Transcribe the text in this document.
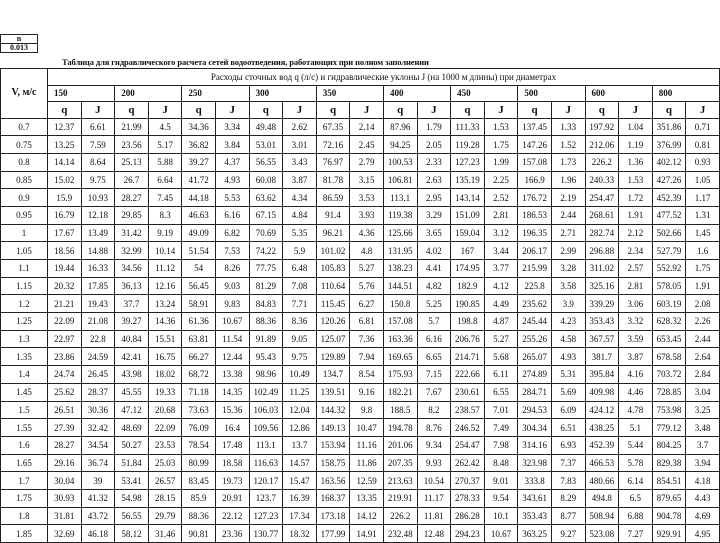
n
0.013
Таблица для гидравлического расчета сетей водоотведения, работающих при полном заполнении
V, м/с	Расходы сточных вод q (л/с) и гидравлические уклоны J (на 1000 м длины) при диаметрах																			
	150		200		250		300		350		400		450		500		600		800	
	q	J	q	J	q	J	q	J	q	J	q	J	q	J	q	J	q	J	q	J
0.7	12.37	6.61	21.99	4.5	34.36	3.34	49.48	2.62	67.35	2.14	87.96	1.79	111.33	1.53	137.45	1.33	197.92	1.04	351.86	0.71
0.75	13.25	7.59	23.56	5.17	36.82	3.84	53.01	3.01	72.16	2.45	94.25	2.05	119.28	1.75	147.26	1.52	212.06	1.19	376.99	0.81
0.8	14.14	8.64	25.13	5.88	39.27	4.37	56.55	3.43	76.97	2.79	100.53	2.33	127.23	1.99	157.08	1.73	226.2	1.36	402.12	0.93
0.85	15.02	9.75	26.7	6.64	41.72	4.93	60.08	3.87	81.78	3.15	106.81	2.63	135.19	2.25	166.9	1.96	240.33	1.53	427.26	1.05
0.9	15.9	10.93	28.27	7.45	44.18	5.53	63.62	4.34	86.59	3.53	113.1	2.95	143.14	2.52	176.72	2.19	254.47	1.72	452.39	1.17
0.95	16.79	12.18	29.85	8.3	46.63	6.16	67.15	4.84	91.4	3.93	119.38	3.29	151.09	2.81	186.53	2.44	268.61	1.91	477.52	1.31
1	17.67	13.49	31.42	9.19	49.09	6.82	70.69	5.35	96.21	4.36	125.66	3.65	159.04	3.12	196.35	2.71	282.74	2.12	502.66	1.45
1.05	18.56	14.88	32.99	10.14	51.54	7.53	74.22	5.9	101.02	4.8	131.95	4.02	167	3.44	206.17	2.99	296.88	2.34	527.79	1.6
1.1	19.44	16.33	34.56	11.12	54	8.26	77.75	6.48	105.83	5.27	138.23	4.41	174.95	3.77	215.99	3.28	311.02	2.57	552.92	1.75
1.15	20.32	17.85	36.13	12.16	56.45	9.03	81.29	7.08	110.64	5.76	144.51	4.82	182.9	4.12	225.8	3.58	325.16	2.81	578.05	1.91
1.2	21.21	19.43	37.7	13.24	58.91	9.83	84.83	7.71	115.45	6.27	150.8	5.25	190.85	4.49	235.62	3.9	339.29	3.06	603.19	2.08
1.25	22.09	21.08	39.27	14.36	61.36	10.67	88.36	8.36	120.26	6.81	157.08	5.7	198.8	4.87	245.44	4.23	353.43	3.32	628.32	2.26
1.3	22.97	22.8	40.84	15.51	63.81	11.54	91.89	9.05	125.07	7.36	163.36	6.16	206.76	5.27	255.26	4.58	367.57	3.59	653.45	2.44
1.35	23.86	24.59	42.41	16.75	66.27	12.44	95.43	9.75	129.89	7.94	169.65	6.65	214.71	5.68	265.07	4.93	381.7	3.87	678.58	2.64
1.4	24.74	26.45	43.98	18.02	68.72	13.38	98.96	10.49	134.7	8.54	175.93	7.15	222.66	6.11	274.89	5.31	395.84	4.16	703.72	2.84
1.45	25.62	28.37	45.55	19.33	71.18	14.35	102.49	11.25	139.51	9.16	182.21	7.67	230.61	6.55	284.71	5.69	409.98	4.46	728.85	3.04
1.5	26.51	30.36	47.12	20.68	73.63	15.36	106.03	12.04	144.32	9.8	188.5	8.2	238.57	7.01	294.53	6.09	424.12	4.78	753.98	3.25
1.55	27.39	32.42	48.69	22.09	76.09	16.4	109.56	12.86	149.13	10.47	194.78	8.76	246.52	7.49	304.34	6.51	438.25	5.1	779.12	3.48
1.6	28.27	34.54	50.27	23.53	78.54	17.48	113.1	13.7	153.94	11.16	201.06	9.34	254.47	7.98	314.16	6.93	452.39	5.44	804.25	3.7
1.65	29.16	36.74	51.84	25.03	80.99	18.58	116.63	14.57	158.75	11.86	207.35	9.93	262.42	8.48	323.98	7.37	466.53	5.78	829.38	3.94
1.7	30.04	39	53.41	26.57	83.45	19.73	120.17	15.47	163.56	12.59	213.63	10.54	270.37	9.01	333.8	7.83	480.66	6.14	854.51	4.18
1.75	30.93	41.32	54.98	28.15	85.9	20.91	123.7	16.39	168.37	13.35	219.91	11.17	278.33	9.54	343.61	8.29	494.8	6.5	879.65	4.43
1.8	31.81	43.72	56.55	29.79	88.36	22.12	127.23	17.34	173.18	14.12	226.2	11.81	286.28	10.1	353.43	8.77	508.94	6.88	904.78	4.69
1.85	32.69	46.18	58.12	31.46	90.81	23.36	130.77	18.32	177.99	14.91	232.48	12.48	294.23	10.67	363.25	9.27	523.08	7.27	929.91	4.95
